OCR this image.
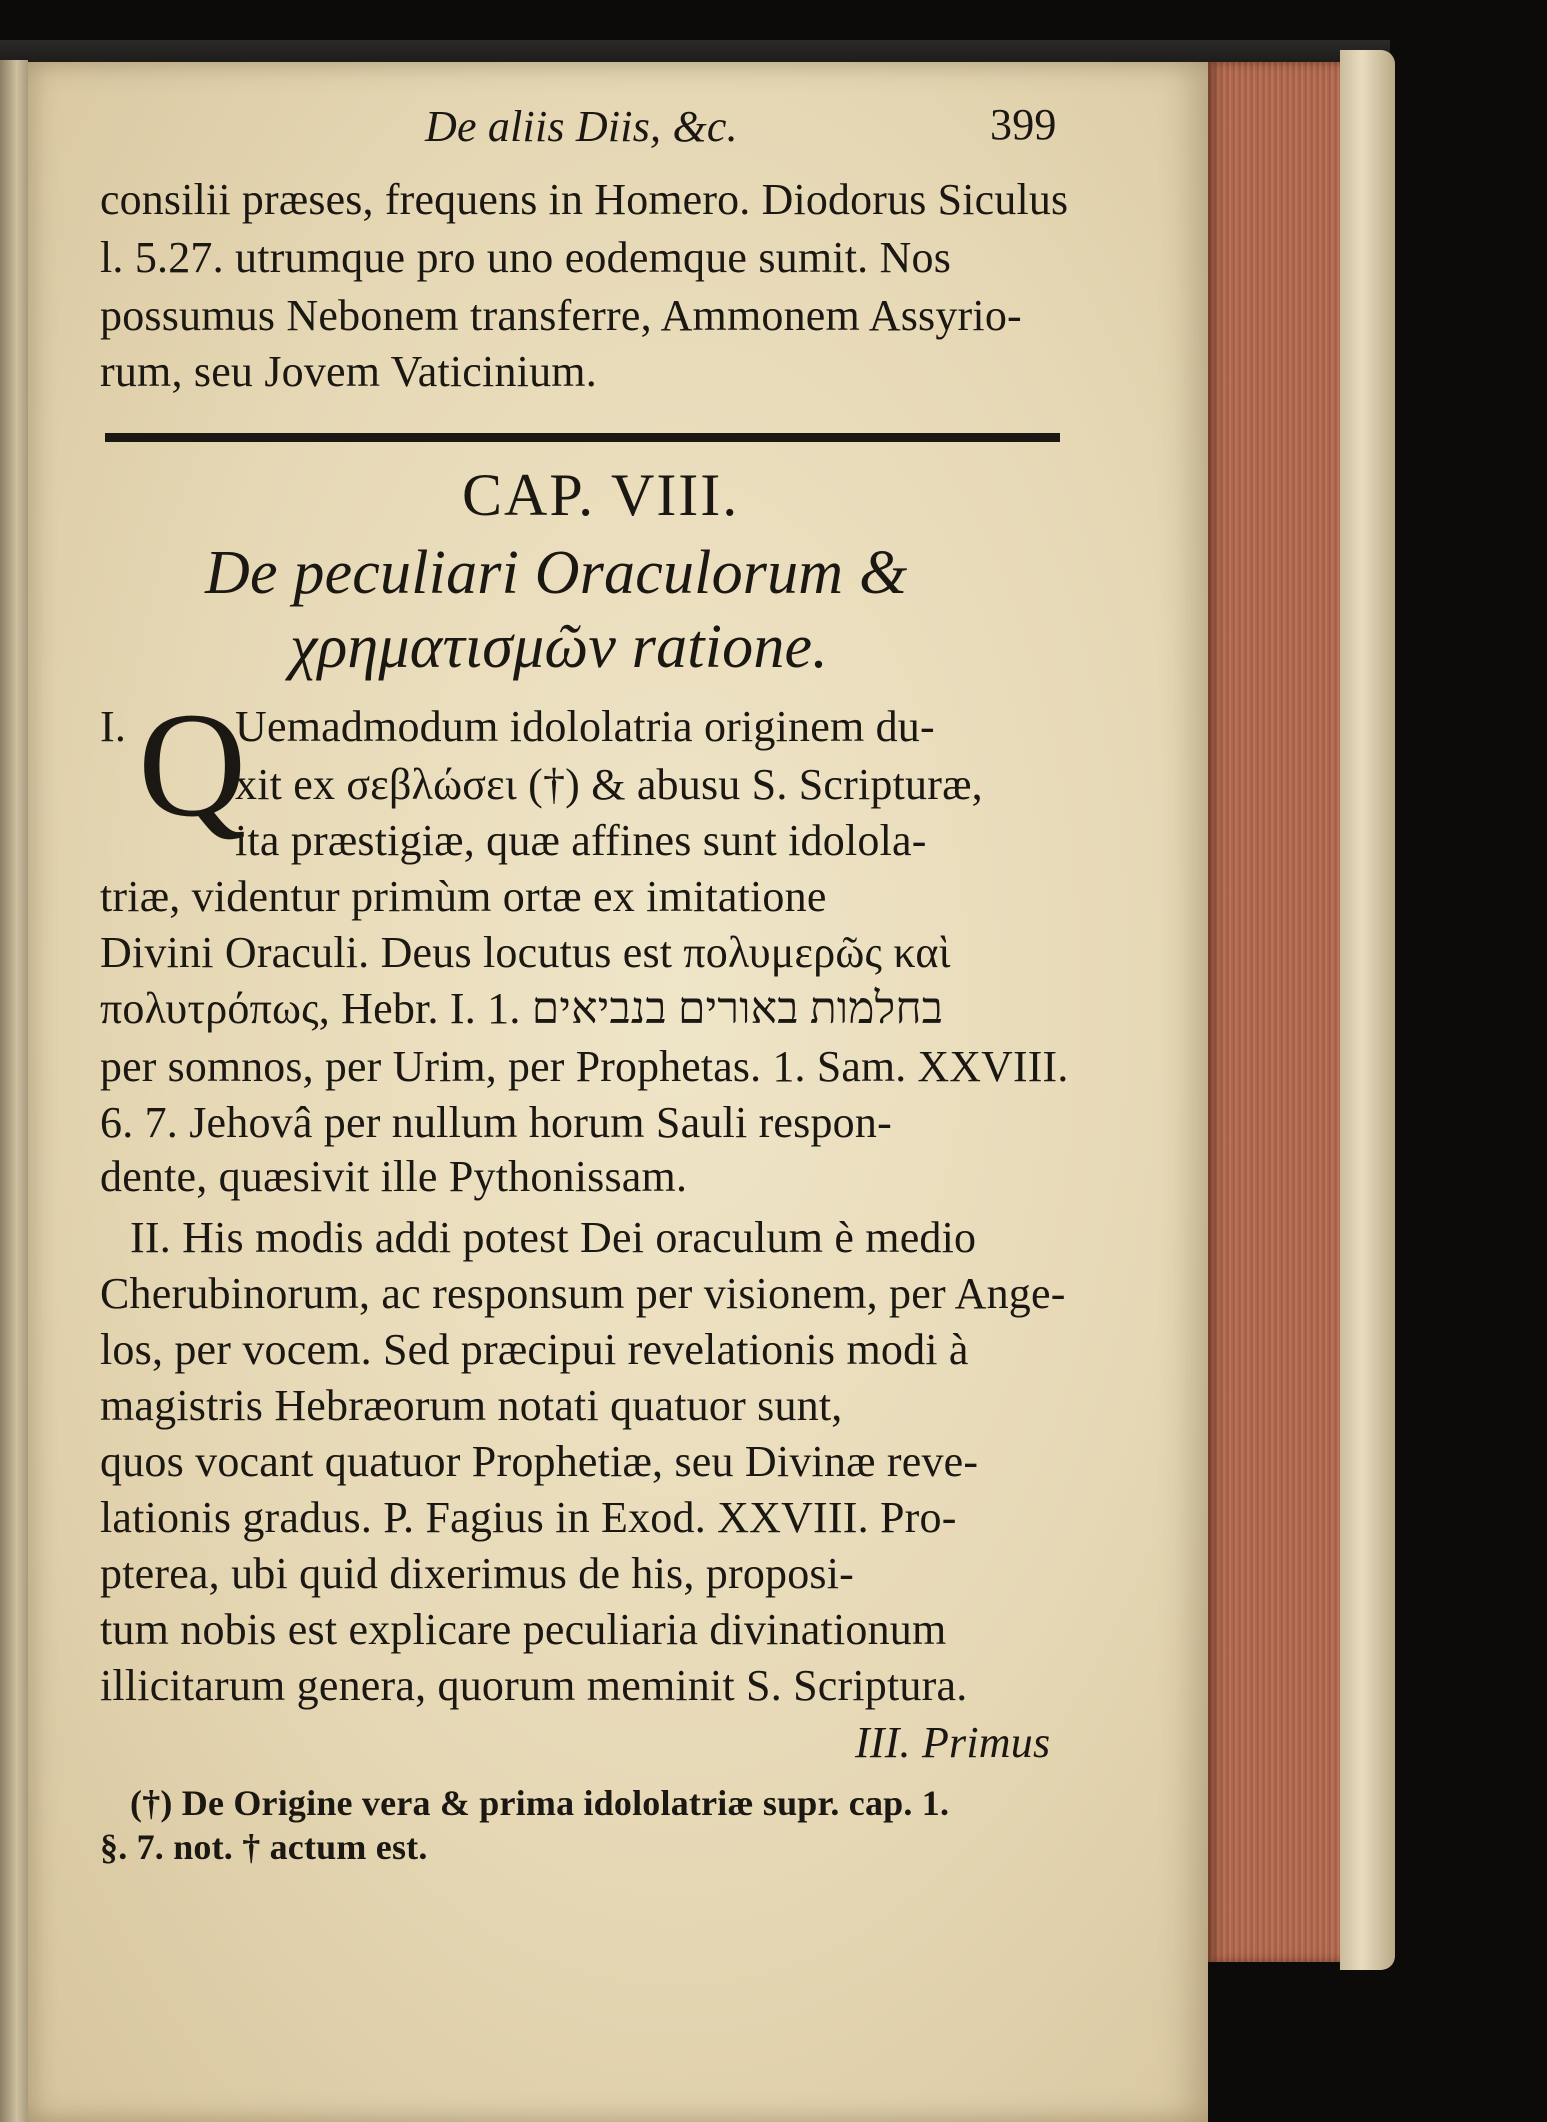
De aliis Diis, &c.	399
consilii præses, frequens in Homero. Diodorus Siculus
l. 5.27. utrumque pro uno eodemque sumit. Nos
possumus Nebonem transferre, Ammonem Assyrio-
rum, seu Jovem Vaticinium.
CAP. VIII.
De peculiari Oraculorum &
χρηματισμῶν ratione.
I. Q
Uemadmodum idololatria originem du-
xit ex σεβλώσει (†) & abusu S. Scripturæ,
ita præstigiæ, quæ affines sunt idolola-
triæ, videntur primùm ortæ ex imitatione
Divini Oraculi. Deus locutus est πολυμερῶς καὶ
πολυτρόπως, Hebr. I. 1. בחלמות באורים בנביאים
per somnos, per Urim, per Prophetas. 1. Sam. XXVIII.
6. 7. Jehovâ per nullum horum Sauli respon-
dente, quæsivit ille Pythonissam.
II. His modis addi potest Dei oraculum è medio
Cherubinorum, ac responsum per visionem, per Ange-
los, per vocem. Sed præcipui revelationis modi à
magistris Hebræorum notati quatuor sunt,
quos vocant quatuor Prophetiæ, seu Divinæ reve-
lationis gradus. P. Fagius in Exod. XXVIII. Pro-
pterea, ubi quid dixerimus de his, proposi-
tum nobis est explicare peculiaria divinationum
illicitarum genera, quorum meminit S. Scriptura.
III. Primus
(†) De Origine vera & prima idololatriæ supr. cap. 1.
§. 7. not. † actum est.
